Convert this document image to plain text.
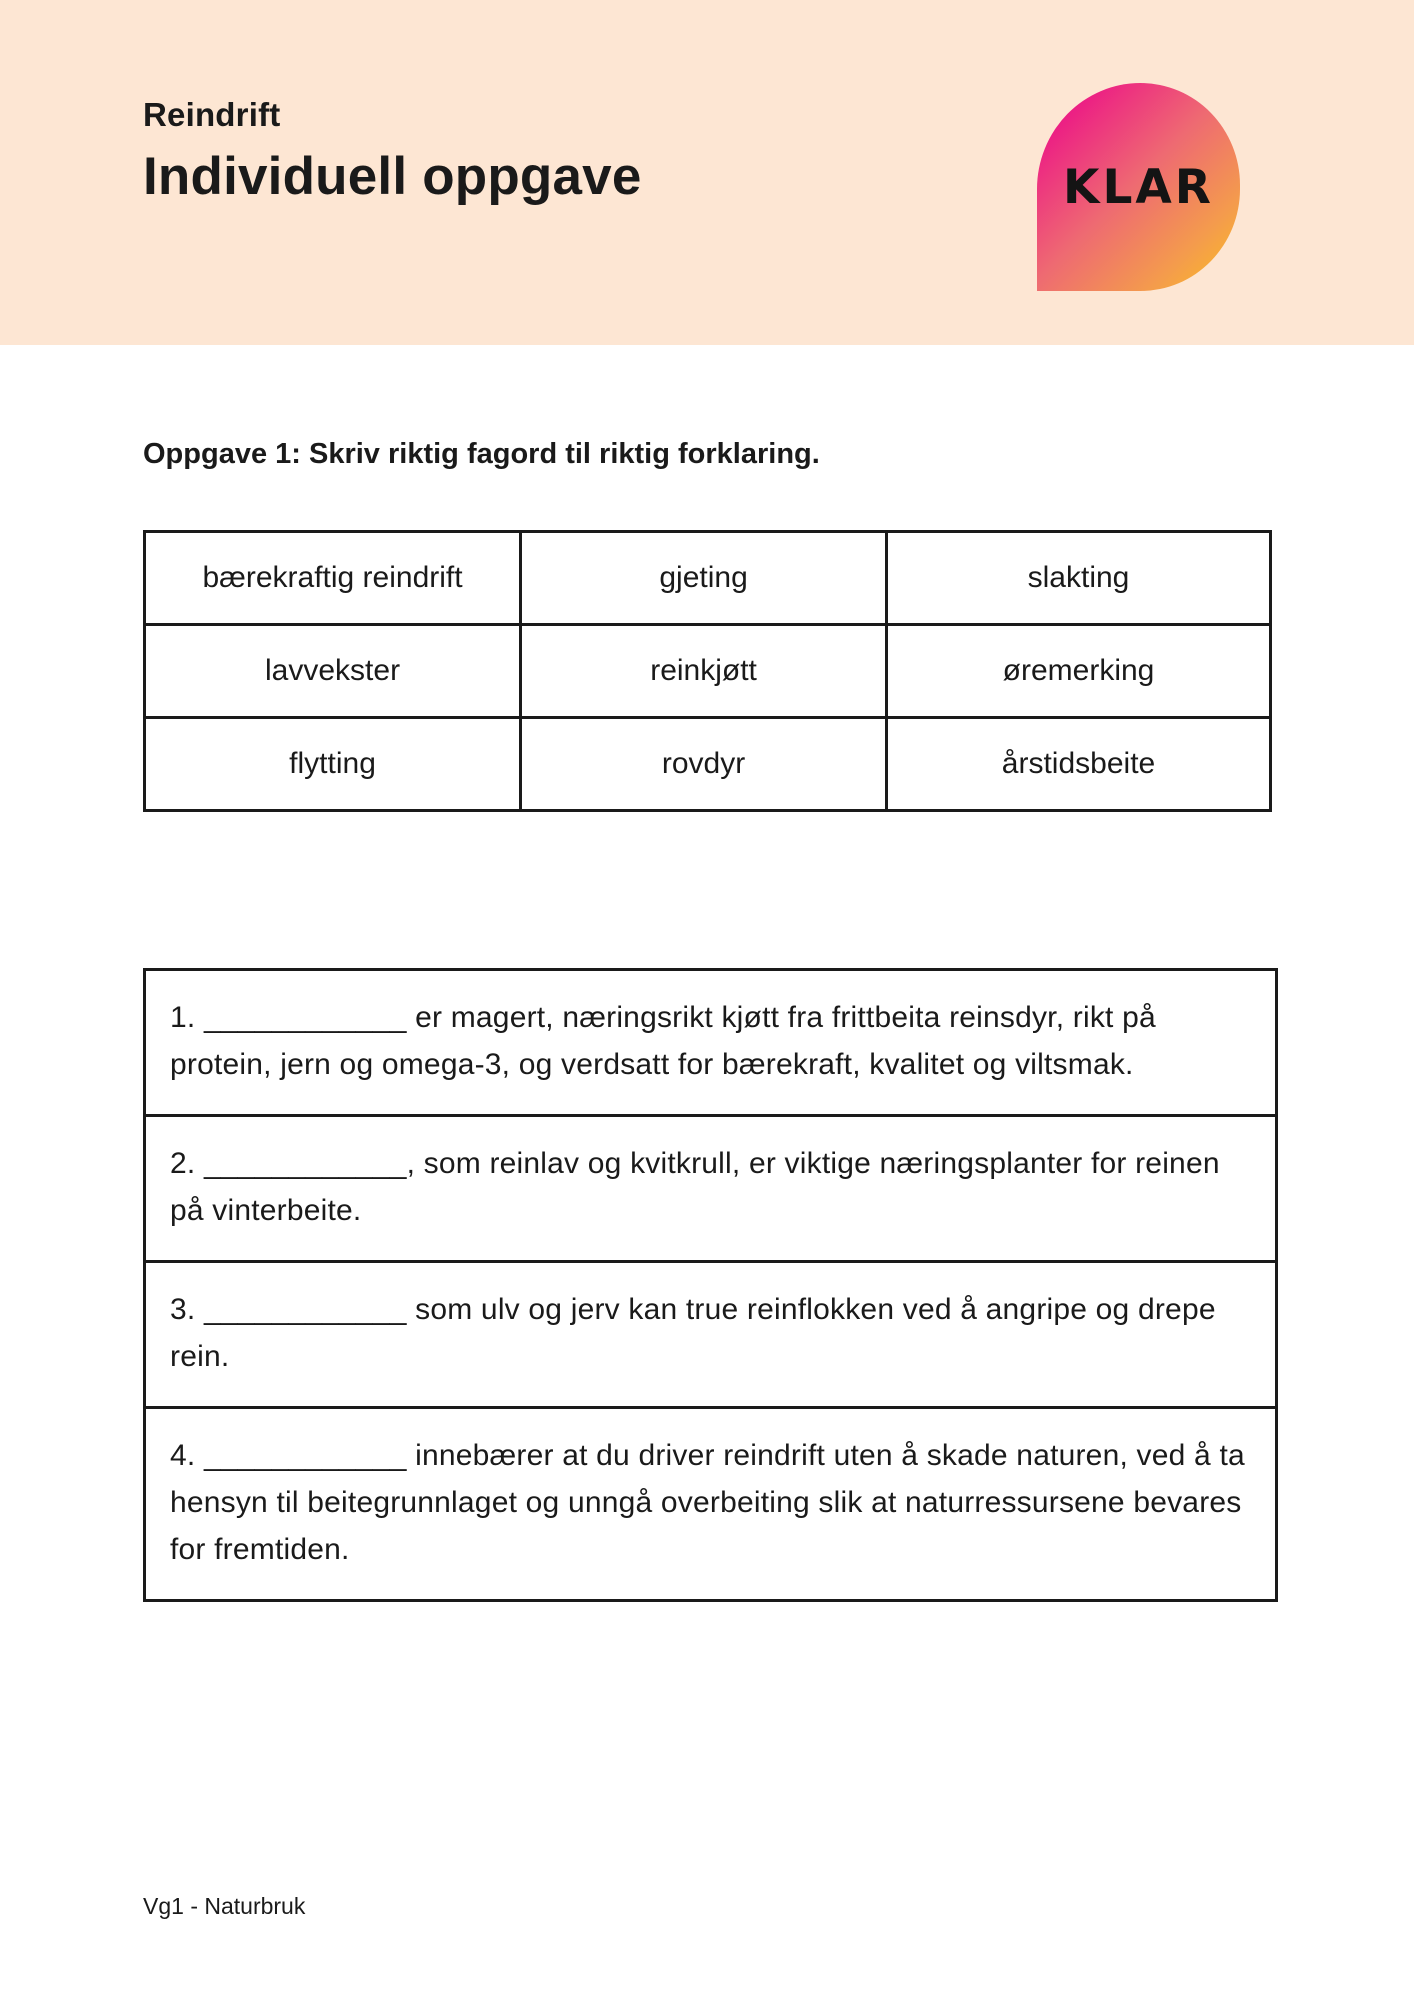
Reindrift
Individuell oppgave	KLAR
Oppgave 1: Skriv riktig fagord til riktig forklaring.
bærekraftig reindrift	gjeting	slakting
lavvekster	reinkjøtt	øremerking
flytting	rovdyr	årstidsbeite
1. ____________ er magert, næringsrikt kjøtt fra frittbeita reinsdyr, rikt på protein, jern og omega-3, og verdsatt for bærekraft, kvalitet og viltsmak.
2. ____________, som reinlav og kvitkrull, er viktige næringsplanter for reinen på vinterbeite.
3. ____________ som ulv og jerv kan true reinflokken ved å angripe og drepe rein.
4. ____________ innebærer at du driver reindrift uten å skade naturen, ved å ta hensyn til beitegrunnlaget og unngå overbeiting slik at naturressursene bevares for fremtiden.
Vg1 - Naturbruk
